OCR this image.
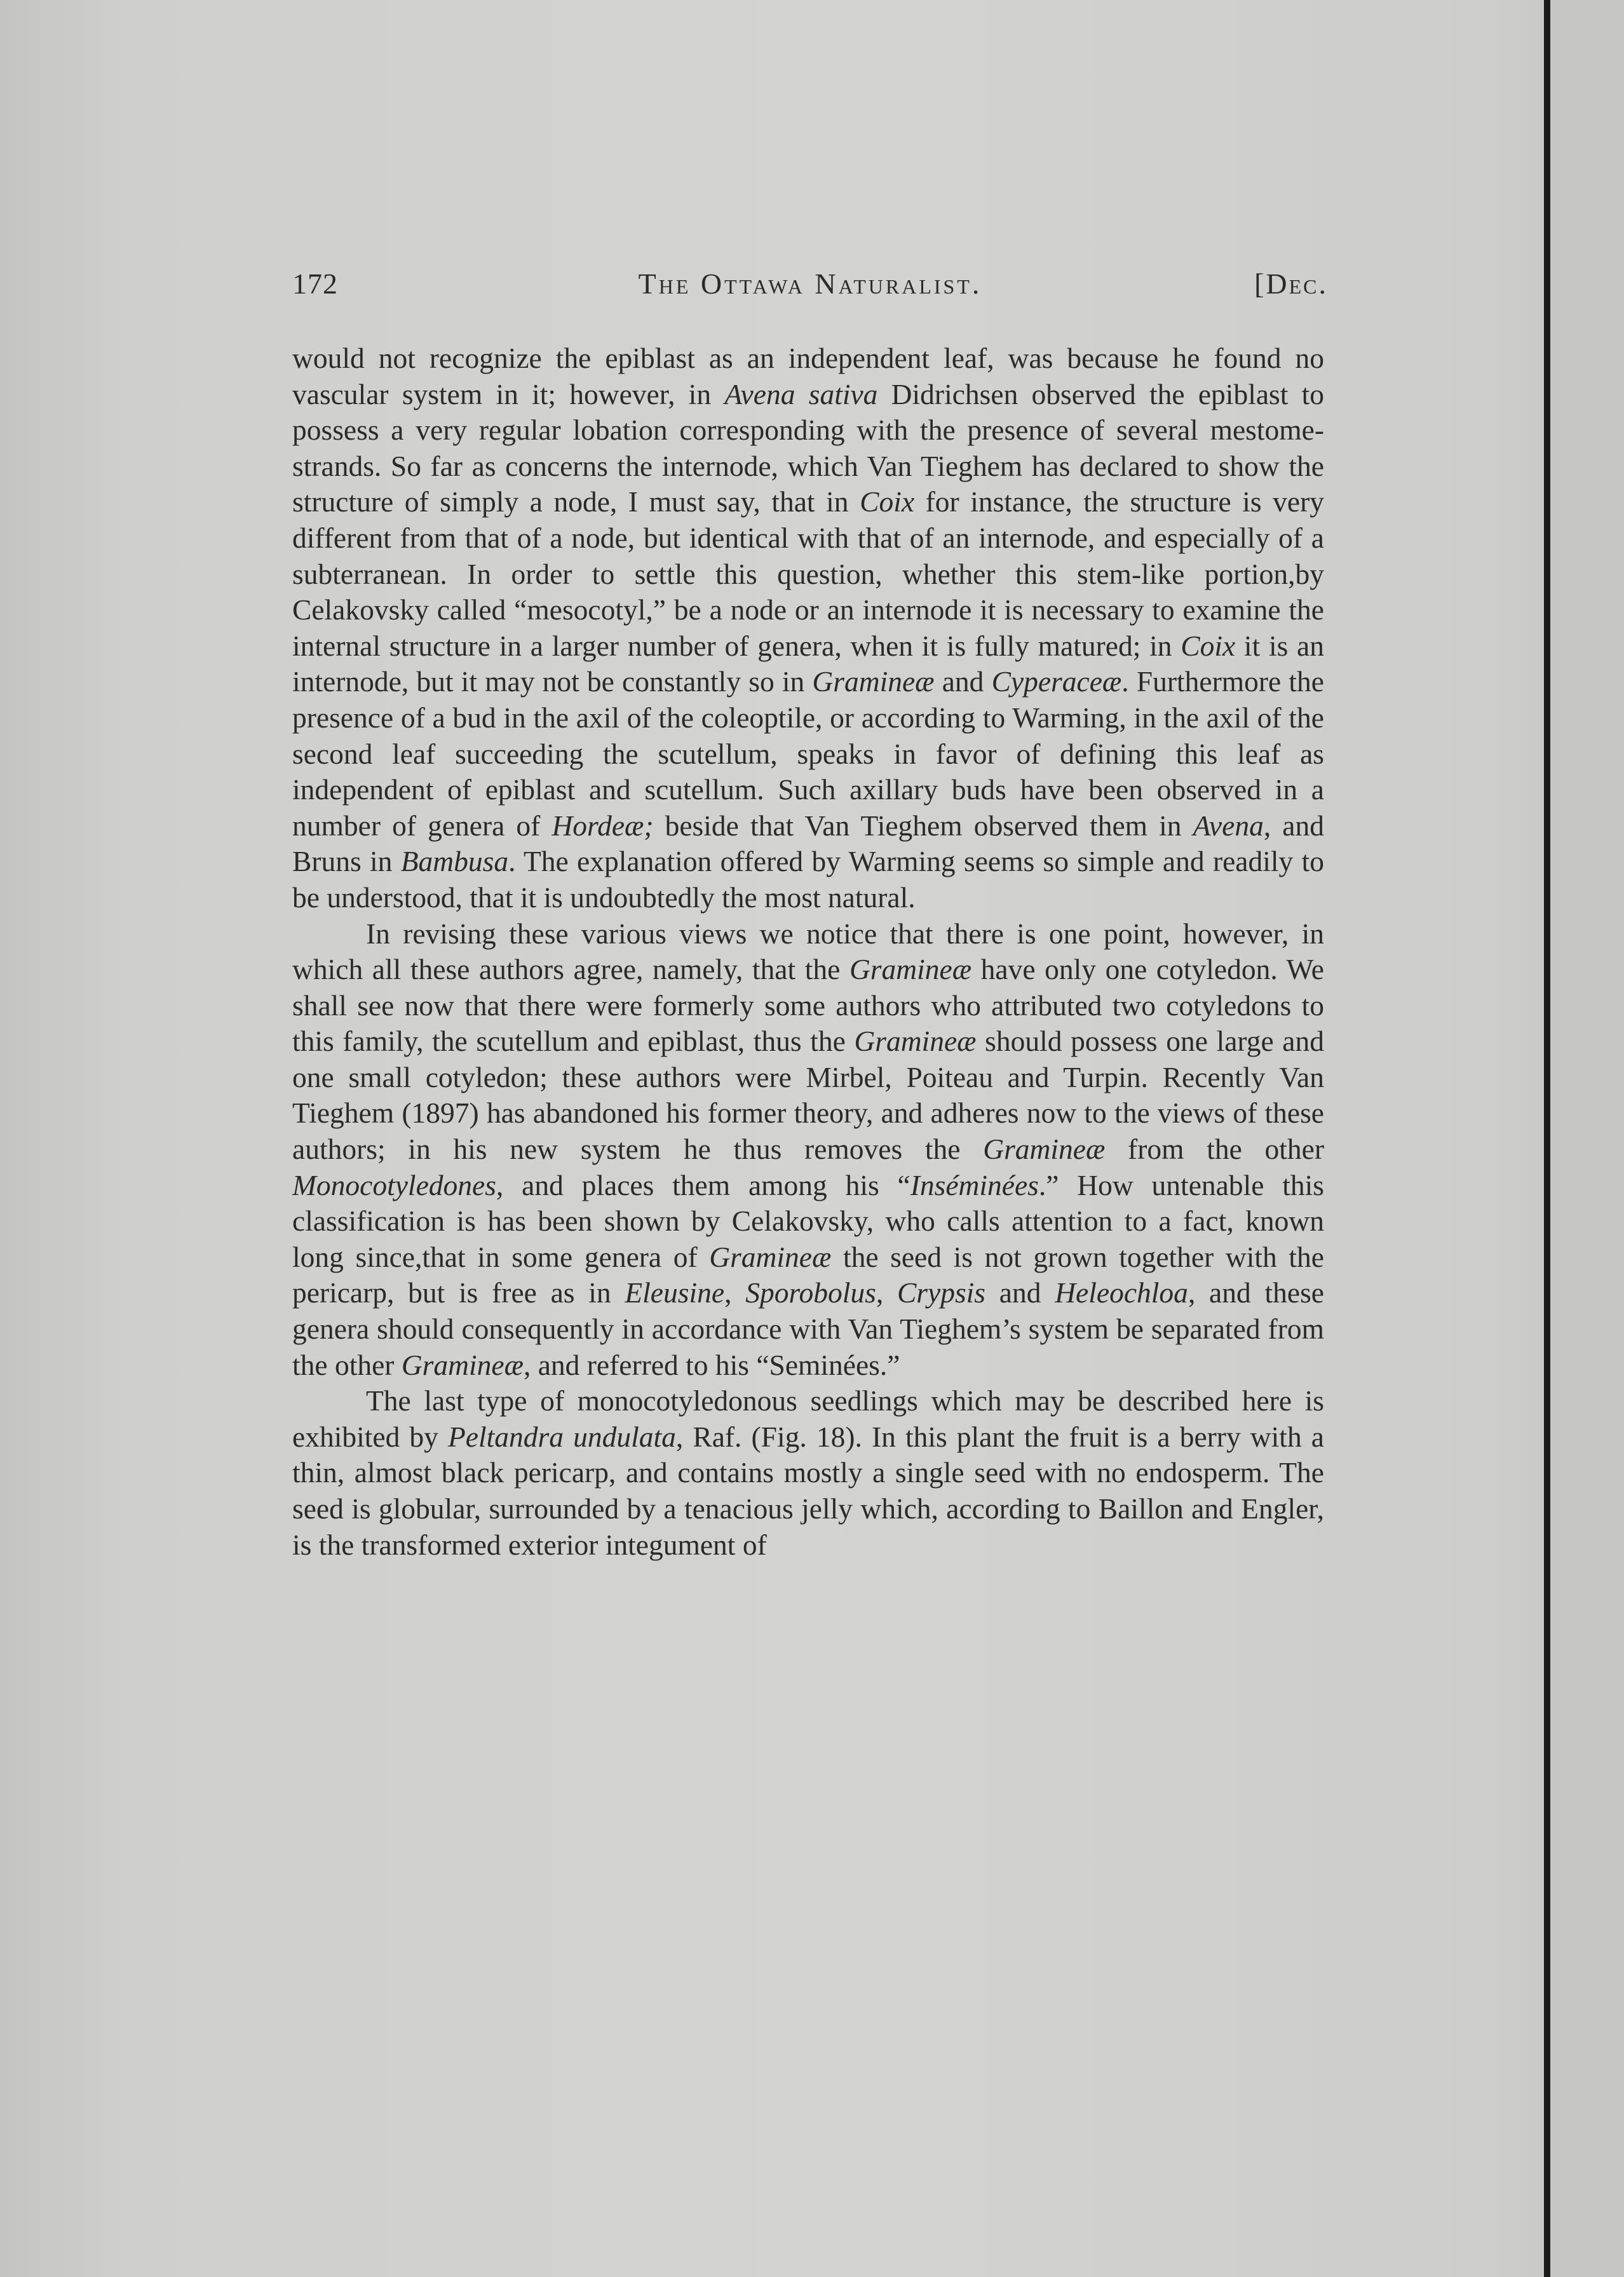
172	The Ottawa Naturalist.	[Dec.

would not recognize the epiblast as an independent leaf, was because he found no vascular system in it; however, in Avena sativa Didrichsen observed the epiblast to possess a very regular lobation corresponding with the presence of several mestome-strands. So far as concerns the internode, which Van Tieghem has declared to show the structure of simply a node, I must say, that in Coix for instance, the structure is very different from that of a node, but identical with that of an internode, and especially of a subterranean. In order to settle this question, whether this stem-like portion,by Celakovsky called “mesocotyl,” be a node or an internode it is necessary to examine the internal structure in a larger number of genera, when it is fully matured; in Coix it is an internode, but it may not be constantly so in Gramineæ and Cyperaceæ. Furthermore the presence of a bud in the axil of the coleoptile, or according to Warming, in the axil of the second leaf succeeding the scutellum, speaks in favor of defining this leaf as independent of epiblast and scutellum. Such axillary buds have been observed in a number of genera of Hordeæ; beside that Van Tieghem observed them in Avena, and Bruns in Bambusa. The explanation offered by Warming seems so simple and readily to be understood, that it is undoubtedly the most natural.

In revising these various views we notice that there is one point, however, in which all these authors agree, namely, that the Gramineæ have only one cotyledon. We shall see now that there were formerly some authors who attributed two cotyledons to this family, the scutellum and epiblast, thus the Gramineæ should possess one large and one small cotyledon; these authors were Mirbel, Poiteau and Turpin. Recently Van Tieghem (1897) has abandoned his former theory, and adheres now to the views of these authors; in his new system he thus removes the Gramineæ from the other Monocotyledones, and places them among his “Inséminées.” How untenable this classification is has been shown by Celakovsky, who calls attention to a fact, known long since,that in some genera of Gramineæ the seed is not grown together with the pericarp, but is free as in Eleusine, Sporobolus, Crypsis and Heleochloa, and these genera should consequently in accordance with Van Tieghem’s system be separated from the other Gramineæ, and referred to his “Seminées.”

The last type of monocotyledonous seedlings which may be described here is exhibited by Peltandra undulata, Raf. (Fig. 18). In this plant the fruit is a berry with a thin, almost black pericarp, and contains mostly a single seed with no endosperm. The seed is globular, surrounded by a tenacious jelly which, according to Baillon and Engler, is the transformed exterior integument of
